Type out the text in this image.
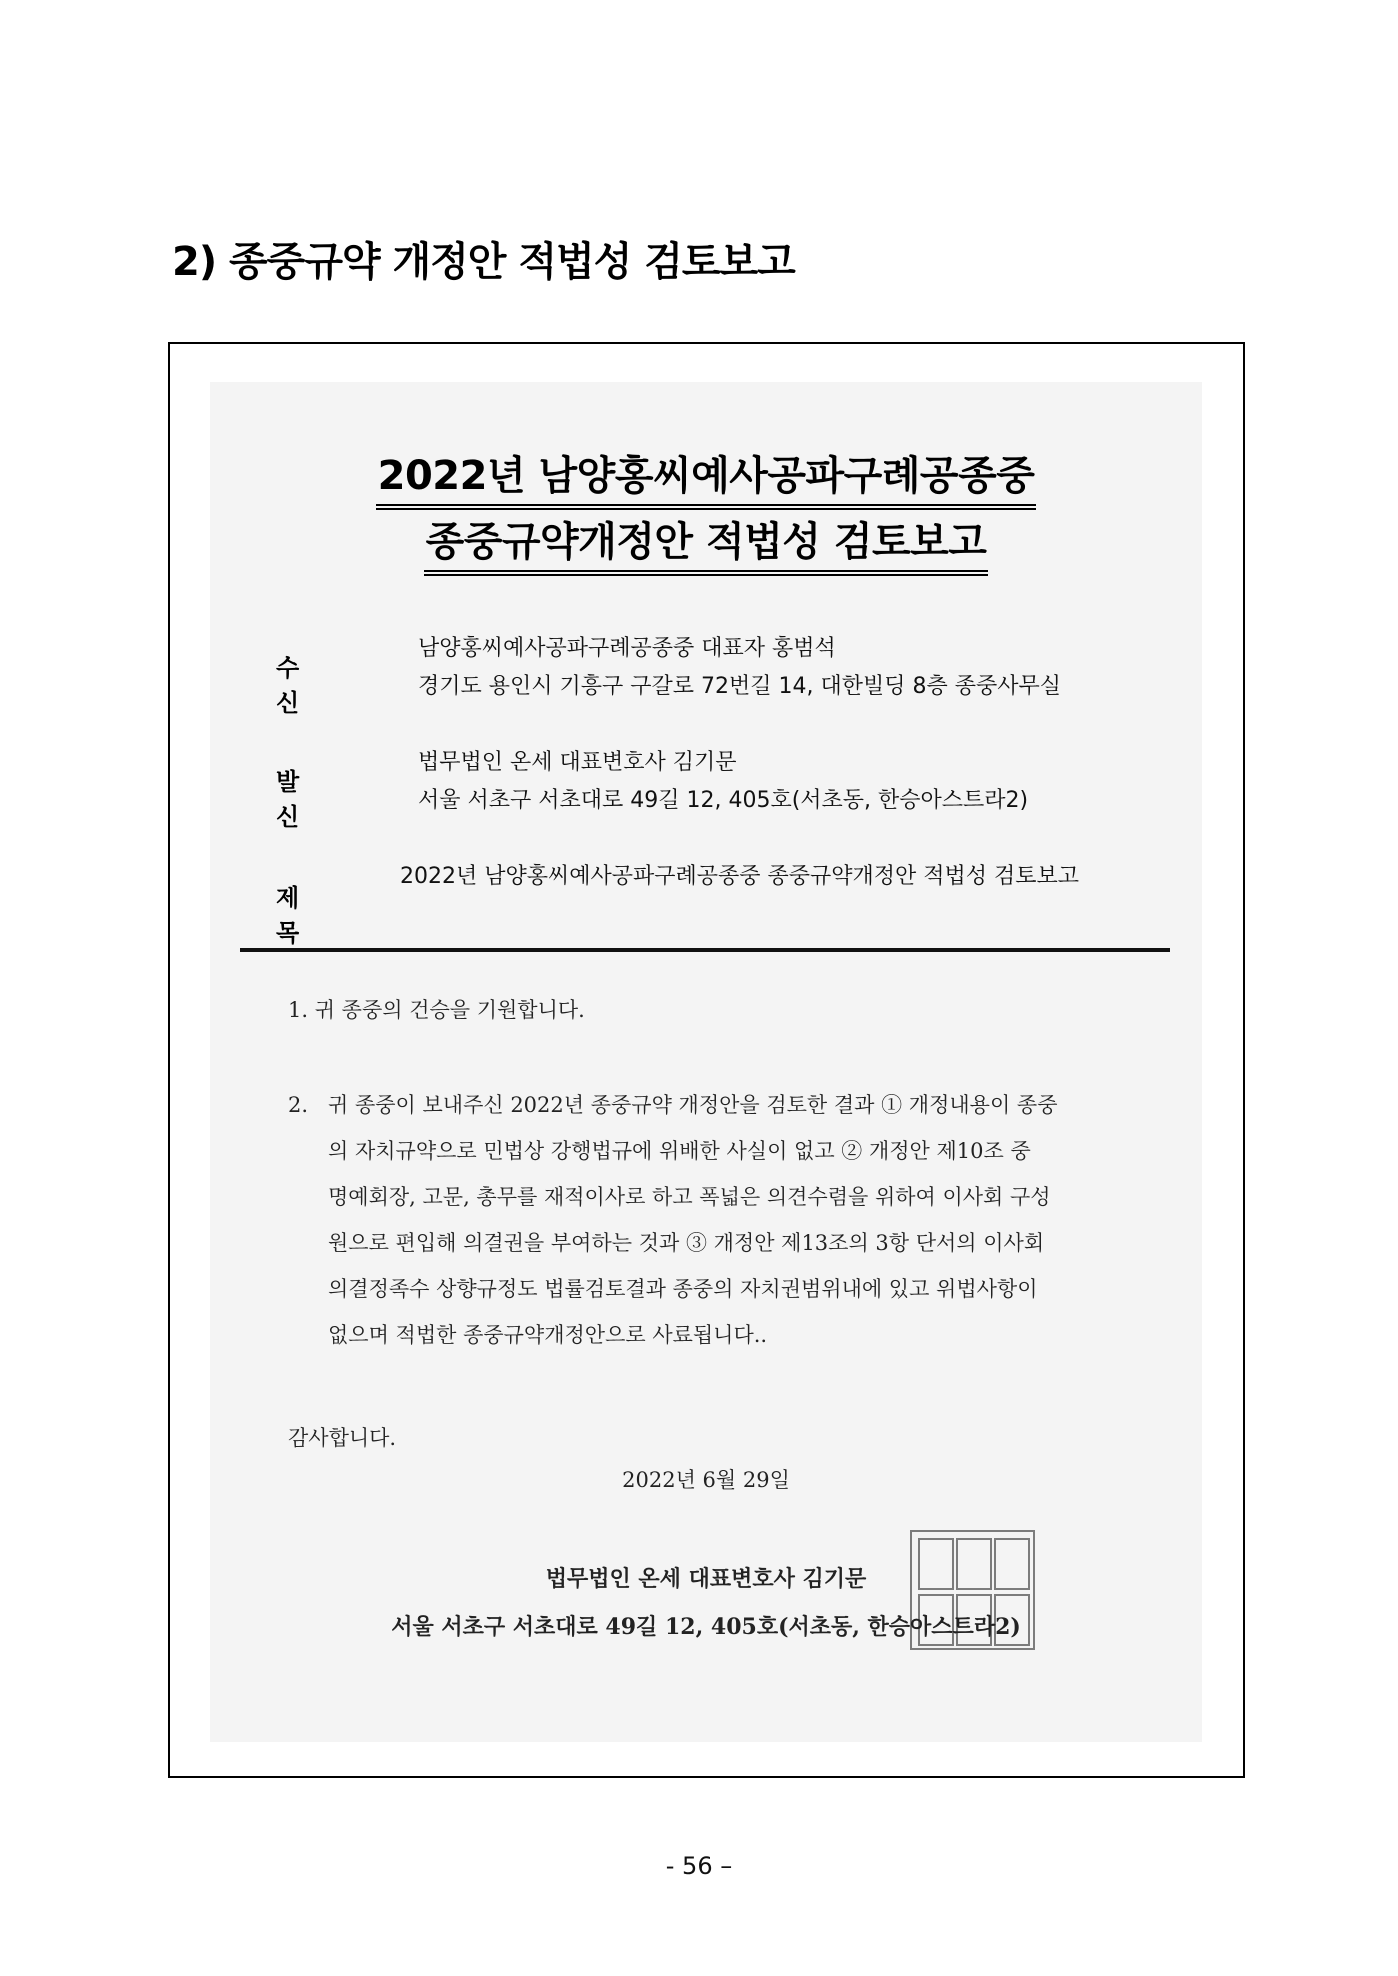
2) 종중규약 개정안 적법성 검토보고
2022년 남양홍씨예사공파구례공종중
종중규약개정안 적법성 검토보고
수 신
남양홍씨예사공파구례공종중 대표자 홍범석
경기도 용인시 기흥구 구갈로 72번길 14, 대한빌딩 8층 종중사무실
발 신
법무법인 온세 대표변호사 김기문
서울 서초구 서초대로 49길 12, 405호(서초동, 한승아스트라2)
제 목
2022년 남양홍씨예사공파구례공종중 종중규약개정안 적법성 검토보고
1. 귀 종중의 건승을 기원합니다.
2. 귀 종중이 보내주신 2022년 종중규약 개정안을 검토한 결과 ① 개정내용이 종중
의 자치규약으로 민법상 강행법규에 위배한 사실이 없고 ② 개정안 제10조 중
명예회장, 고문, 총무를 재적이사로 하고 폭넓은 의견수렴을 위하여 이사회 구성
원으로 편입해 의결권을 부여하는 것과 ③ 개정안 제13조의 3항 단서의 이사회
의결정족수 상향규정도 법률검토결과 종중의 자치권범위내에 있고 위법사항이
없으며 적법한 종중규약개정안으로 사료됩니다..
감사합니다.
2022년 6월 29일
법무법인 온세 대표변호사 김기문
서울 서초구 서초대로 49길 12, 405호(서초동, 한승아스트라2)
- 56 –
